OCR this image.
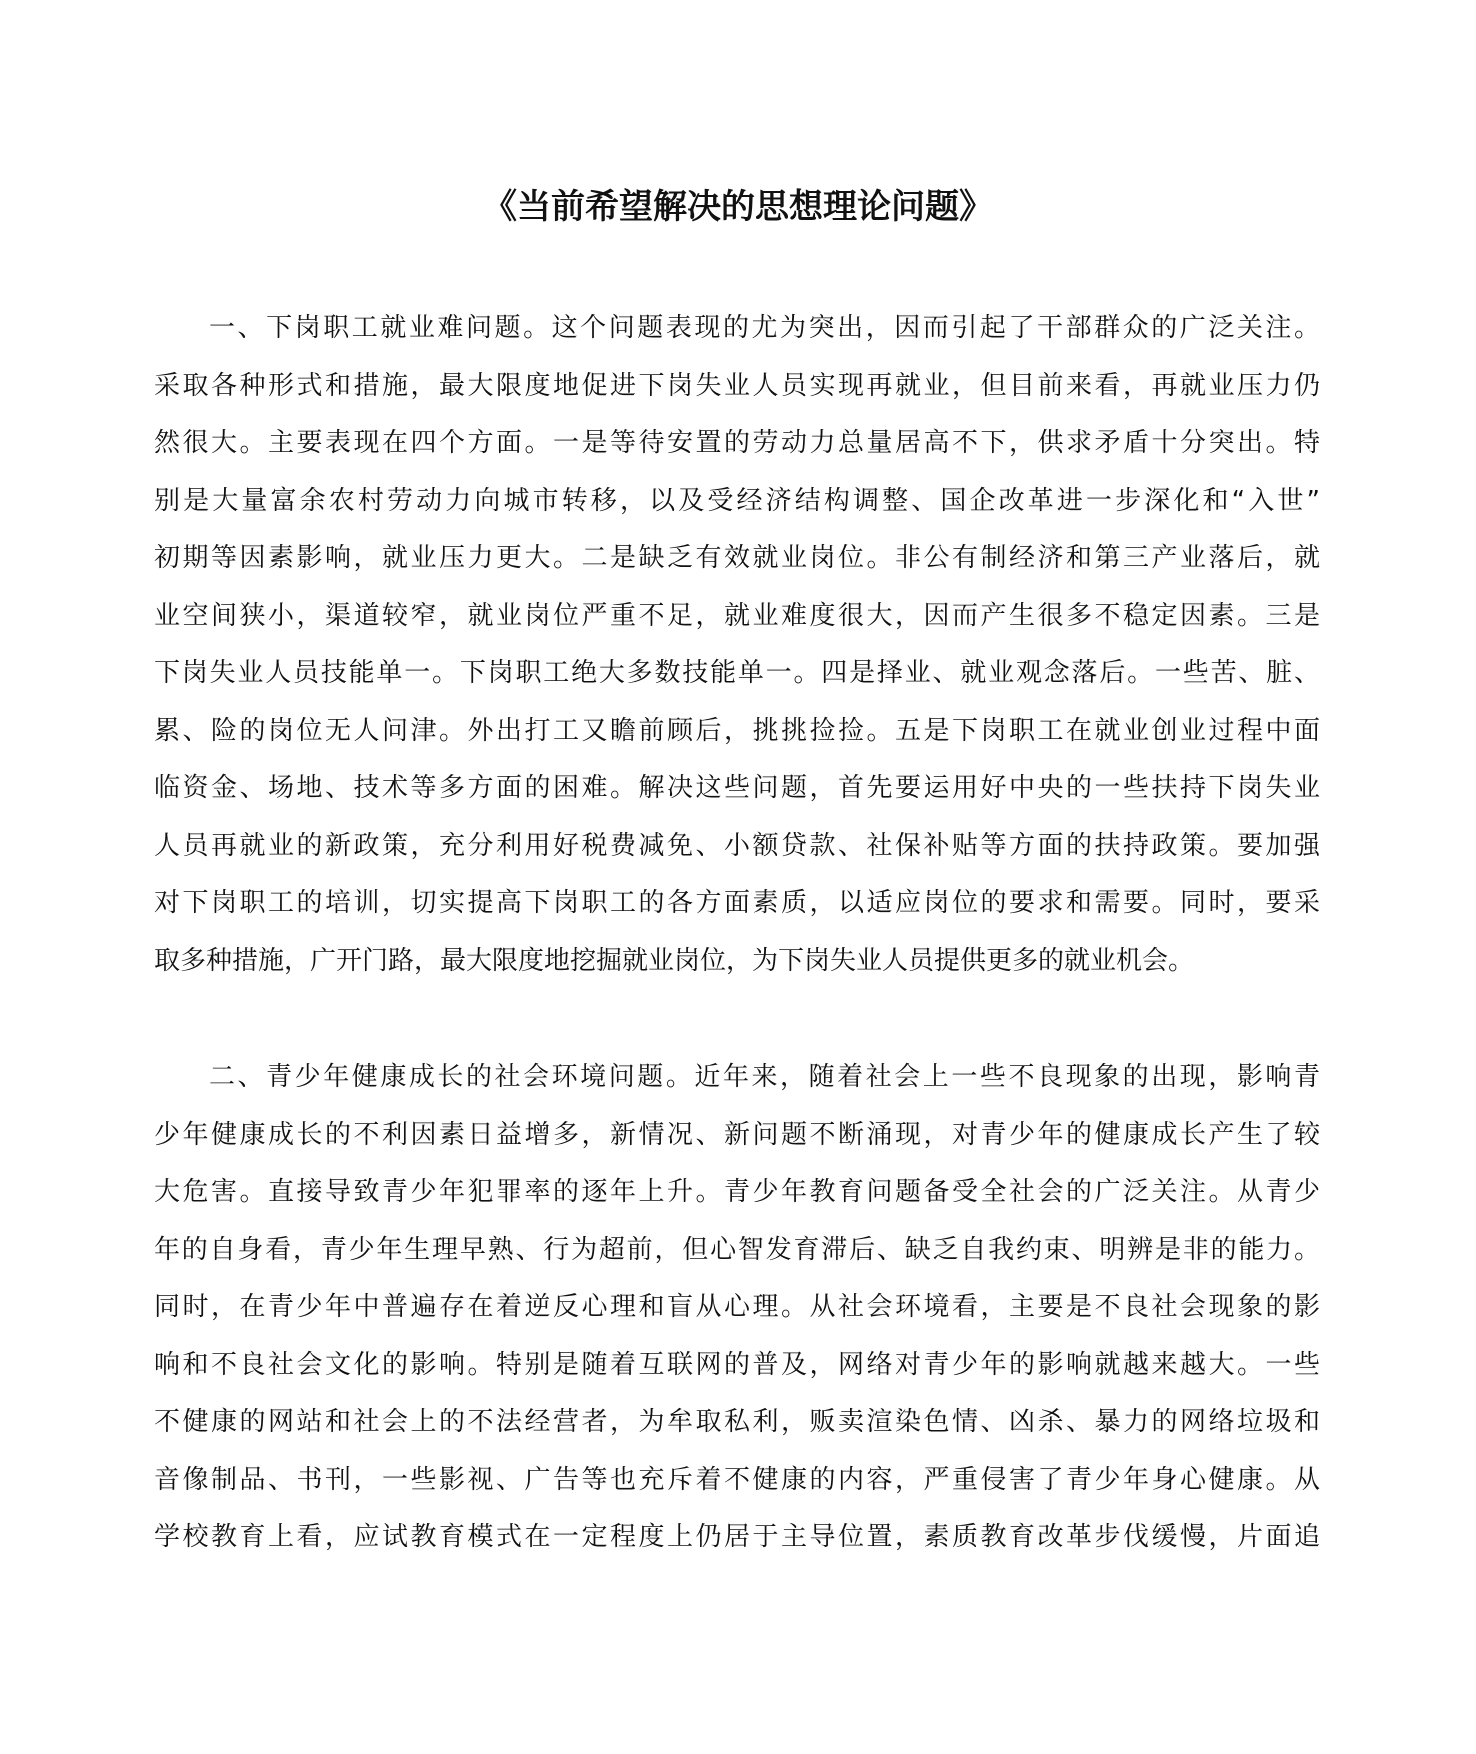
《当前希望解决的思想理论问题》
一、下岗职工就业难问题。这个问题表现的尤为突出，因而引起了干部群众的广泛关注。
采取各种形式和措施，最大限度地促进下岗失业人员实现再就业，但目前来看，再就业压力仍
然很大。主要表现在四个方面。一是等待安置的劳动力总量居高不下，供求矛盾十分突出。特
别是大量富余农村劳动力向城市转移，以及受经济结构调整、国企改革进一步深化和“入世”
初期等因素影响，就业压力更大。二是缺乏有效就业岗位。非公有制经济和第三产业落后，就
业空间狭小，渠道较窄，就业岗位严重不足，就业难度很大，因而产生很多不稳定因素。三是
下岗失业人员技能单一。下岗职工绝大多数技能单一。四是择业、就业观念落后。一些苦、脏、
累、险的岗位无人问津。外出打工又瞻前顾后，挑挑捡捡。五是下岗职工在就业创业过程中面
临资金、场地、技术等多方面的困难。解决这些问题，首先要运用好中央的一些扶持下岗失业
人员再就业的新政策，充分利用好税费减免、小额贷款、社保补贴等方面的扶持政策。要加强
对下岗职工的培训，切实提高下岗职工的各方面素质，以适应岗位的要求和需要。同时，要采
取多种措施，广开门路，最大限度地挖掘就业岗位，为下岗失业人员提供更多的就业机会。
二、青少年健康成长的社会环境问题。近年来，随着社会上一些不良现象的出现，影响青
少年健康成长的不利因素日益增多，新情况、新问题不断涌现，对青少年的健康成长产生了较
大危害。直接导致青少年犯罪率的逐年上升。青少年教育问题备受全社会的广泛关注。从青少
年的自身看，青少年生理早熟、行为超前，但心智发育滞后、缺乏自我约束、明辨是非的能力。
同时，在青少年中普遍存在着逆反心理和盲从心理。从社会环境看，主要是不良社会现象的影
响和不良社会文化的影响。特别是随着互联网的普及，网络对青少年的影响就越来越大。一些
不健康的网站和社会上的不法经营者，为牟取私利，贩卖渲染色情、凶杀、暴力的网络垃圾和
音像制品、书刊，一些影视、广告等也充斥着不健康的内容，严重侵害了青少年身心健康。从
学校教育上看，应试教育模式在一定程度上仍居于主导位置，素质教育改革步伐缓慢，片面追
